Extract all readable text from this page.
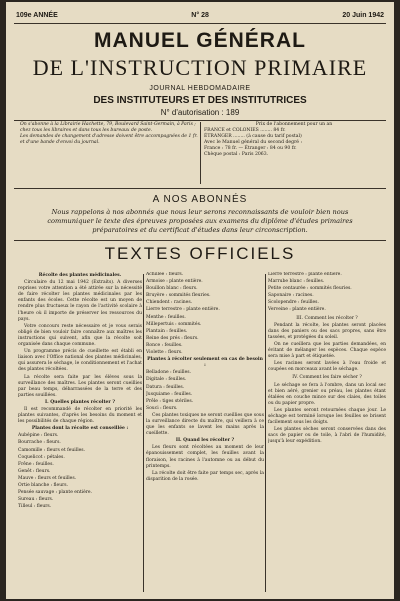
109e ANNÉE	N° 28	20 Juin 1942
MANUEL GÉNÉRAL
DE L'INSTRUCTION PRIMAIRE
JOURNAL HEBDOMADAIRE
DES INSTITUTEURS ET DES INSTITUTRICES
N° d'autorisation : 189

On s'abonne à la Librairie Hachette, 79, Boulevard Saint-Germain, à Paris ; chez tous les libraires et dans tous les bureaux de poste.

Les demandes de changement d'adresse doivent être accompagnées de 1 fr. et d'une bande d'envoi du journal.

Prix de l'abonnement pour un an

FRANCE et COLONIES ........ 84 fr.

ÉTRANGER ........ (à cause du tarif postal)

Avec le Manuel général du second degré :

France : 78 fr. — Étranger : 84 ou 90 fr.

Chèque postal : Paris 2063.

A NOS ABONNÉS
Nous rappelons à nos abonnés que nous leur serons reconnaissants de vouloir bien nous communiquer le texte des épreuves proposées aux examens du diplôme d'études primaires préparatoires et du certificat d'études dans leur circonscription.
TEXTES OFFICIELS

Récolte des plantes médicinales.

Circulaire du 12 mai 1942 (Extraits). A diverses reprises votre attention a été attirée sur la nécessité de faire récolter les plantes médicinales par les enfants des écoles. Cette récolte est un moyen de rendre plus fructueux le rayon de l'activité scolaire à l'heure où il importe de préserver les ressources du pays.

Votre concours reste nécessaire et je vous serais obligé de bien vouloir faire connaître aux maîtres les instructions qui suivent, afin que la récolte soit organisée dans chaque commune.

Un programme précis de cueillette est établi en liaison avec l'Office national des plantes médicinales, qui assurera le séchage, le conditionnement et l'achat des plantes récoltées.

La récolte sera faite par les élèves sous la surveillance des maîtres. Les plantes seront cueillies par beau temps, débarrassées de la terre et des parties souillées.

I. Quelles plantes récolter ?

Il est recommandé de récolter en priorité les plantes suivantes, d'après les besoins du moment et les possibilités de chaque région.

Plantes dont la récolte est conseillée :

Aubépine : fleurs.

Bourrache : fleurs.

Camomille : fleurs et feuilles.

Coquelicot : pétales.

Frêne : feuilles.

Genêt : fleurs.

Mauve : fleurs et feuilles.

Ortie blanche : fleurs.

Pensée sauvage : plante entière.

Sureau : fleurs.

Tilleul : fleurs.

Achillée : fleurs.

Armoise : plante entière.

Bouillon blanc : fleurs.

Bruyère : sommités fleuries.

Chiendent : racines.

Lierre terrestre : plante entière.

Menthe : feuilles.

Millepertuis : sommités.

Plantain : feuilles.

Reine des prés : fleurs.

Ronce : feuilles.

Violette : fleurs.

Plantes à récolter seulement en cas de besoin :

Belladone : feuilles.

Digitale : feuilles.

Datura : feuilles.

Jusquiame : feuilles.

Prêle : tiges stériles.

Souci : fleurs.

Ces plantes toxiques ne seront cueillies que sous la surveillance directe du maître, qui veillera à ce que les enfants se lavent les mains après la cueillette.

II. Quand les récolter ?

Les fleurs sont récoltées au moment de leur épanouissement complet, les feuilles avant la floraison, les racines à l'automne ou au début du printemps.

La récolte doit être faite par temps sec, après la disparition de la rosée.

Lierre terrestre : plante entière.

Marrube blanc : feuilles.

Petite centaurée : sommités fleuries.

Saponaire : racines.

Scolopendre : feuilles.

Verveine : plante entière.

III. Comment les récolter ?

Pendant la récolte, les plantes seront placées dans des paniers ou des sacs propres, sans être tassées, et protégées du soleil.

On ne cueillera que les parties demandées, en évitant de mélanger les espèces. Chaque espèce sera mise à part et étiquetée.

Les racines seront lavées à l'eau froide et coupées en morceaux avant le séchage.

IV. Comment les faire sécher ?

Le séchage se fera à l'ombre, dans un local sec et bien aéré, grenier ou préau, les plantes étant étalées en couche mince sur des claies, des toiles ou du papier propre.

Les plantes seront retournées chaque jour. Le séchage est terminé lorsque les feuilles se brisent facilement sous les doigts.

Les plantes sèches seront conservées dans des sacs de papier ou de toile, à l'abri de l'humidité, jusqu'à leur expédition.
